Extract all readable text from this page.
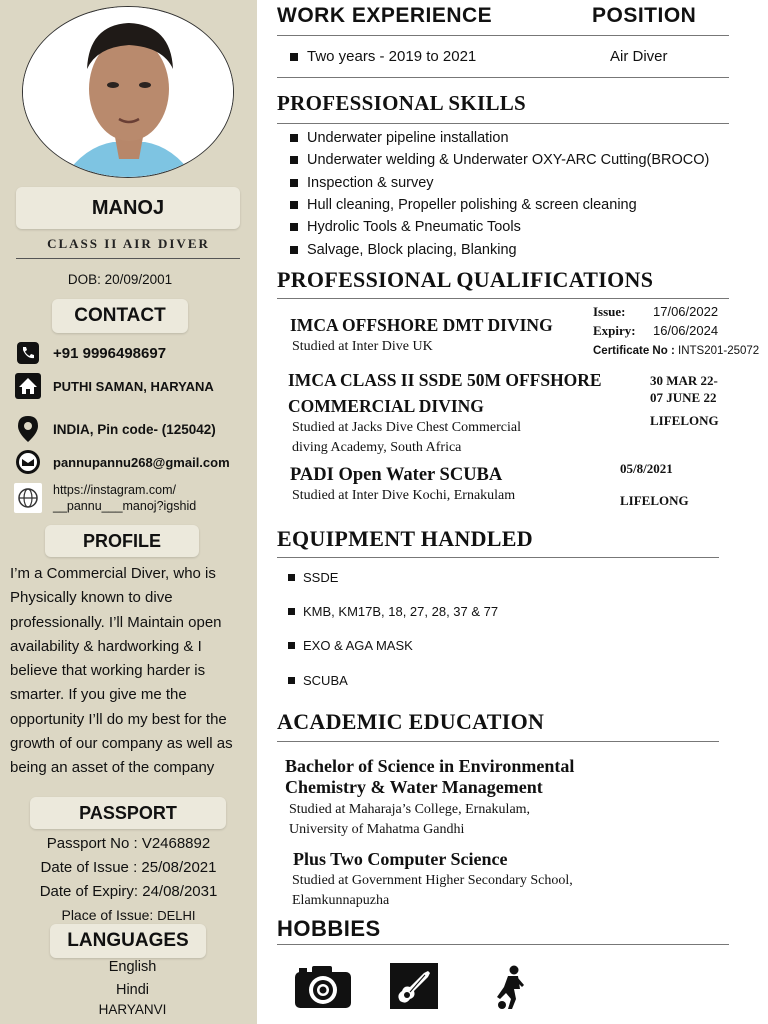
MANOJ
CLASS II AIR DIVER
DOB: 20/09/2001
CONTACT
+91 9996498697
PUTHI SAMAN, HARYANA
INDIA, Pin code- (125042)
pannupannu268@gmail.com
https://instagram.com/
__pannu___manoj?igshid
PROFILE
I’m a Commercial Diver, who is Physically known to dive professionally. I’ll Maintain open availability & hardworking & I believe that working harder is smarter. If you give me the opportunity I’ll do my best for the growth of our company as well as being an asset of the company
PASSPORT
Passport No : V2468892
Date of Issue : 25/08/2021
Date of Expiry: 24/08/2031
Place of Issue: DELHI
LANGUAGES
English
Hindi
HARYANVI
WORK EXPERIENCE	POSITION
Two years - 2019 to 2021	Air Diver
PROFESSIONAL SKILLS
Underwater pipeline installation
Underwater welding & Underwater OXY-ARC Cutting(BROCO)
Inspection & survey
Hull cleaning, Propeller polishing & screen cleaning
Hydrolic Tools & Pneumatic Tools
Salvage, Block placing, Blanking
PROFESSIONAL QUALIFICATIONS
IMCA OFFSHORE DMT DIVING
Studied at Inter Dive UK
Issue: 17/06/2022
Expiry: 16/06/2024
Certificate No : INTS201-25072
IMCA CLASS II SSDE 50M OFFSHORE
COMMERCIAL DIVING
Studied at Jacks Dive Chest Commercial
diving Academy, South Africa
30 MAR 22-
07 JUNE 22
LIFELONG
PADI Open Water SCUBA
Studied at Inter Dive Kochi, Ernakulam
05/8/2021
LIFELONG
EQUIPMENT HANDLED
SSDE
KMB, KM17B, 18, 27, 28, 37 & 77
EXO & AGA MASK
SCUBA
ACADEMIC EDUCATION
Bachelor of Science in Environmental
Chemistry & Water Management
Studied at Maharaja’s College, Ernakulam,
University of Mahatma Gandhi
Plus Two Computer Science
Studied at Government Higher Secondary School,
Elamkunnapuzha
HOBBIES
